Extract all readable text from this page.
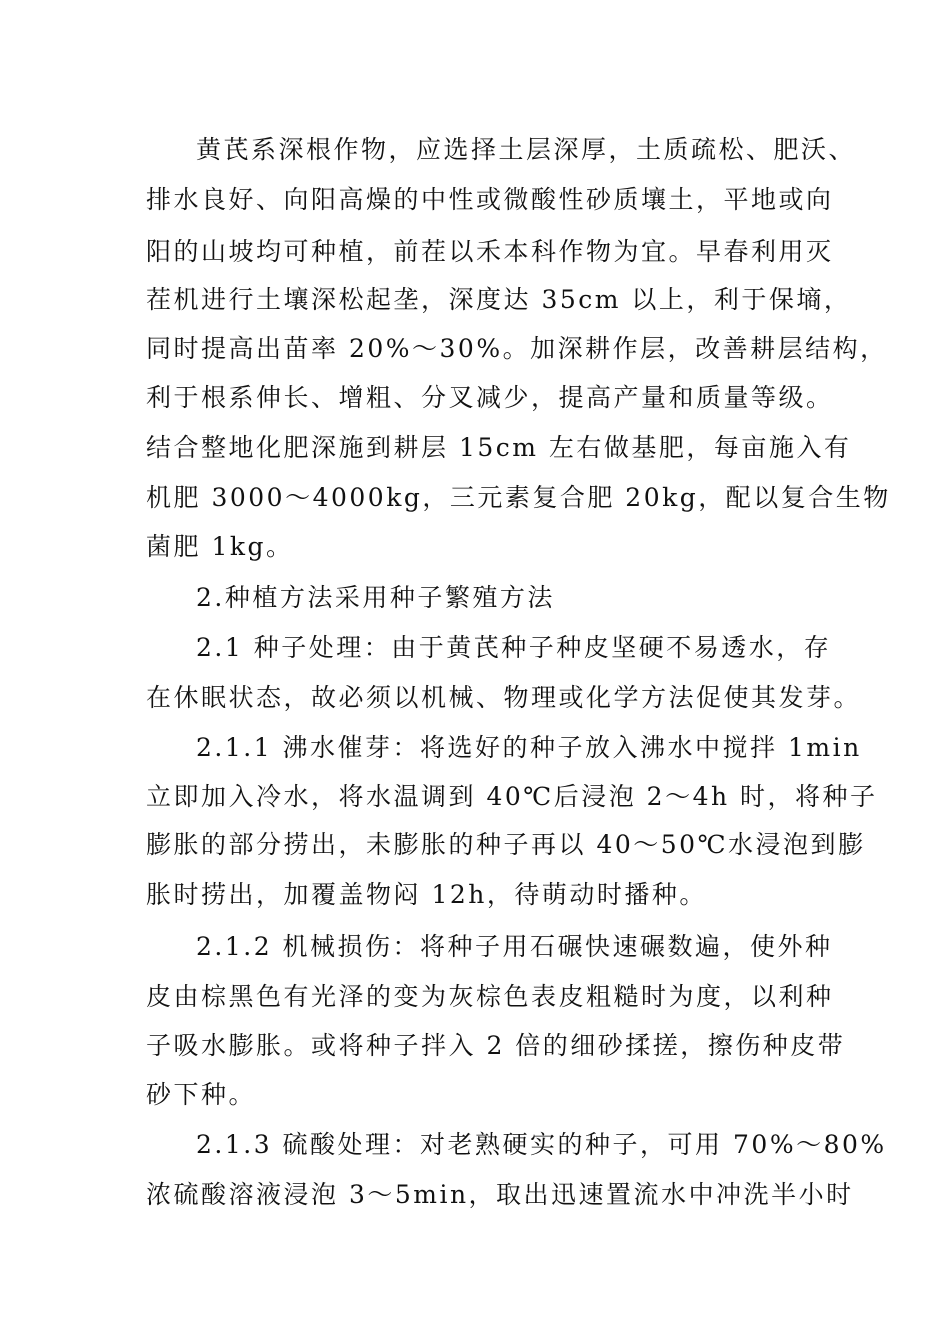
黄芪系深根作物，应选择土层深厚，土质疏松、肥沃、
排水良好、向阳高燥的中性或微酸性砂质壤土，平地或向
阳的山坡均可种植，前茬以禾本科作物为宜。早春利用灭
茬机进行土壤深松起垄，深度达 35cm 以上，利于保墒，
同时提高出苗率 20%～30%。加深耕作层，改善耕层结构，
利于根系伸长、增粗、分叉减少，提高产量和质量等级。
结合整地化肥深施到耕层 15cm 左右做基肥，每亩施入有
机肥 3000～4000kg，三元素复合肥 20kg，配以复合生物
菌肥 1kg。
2.种植方法采用种子繁殖方法
2.1 种子处理：由于黄芪种子种皮坚硬不易透水，存
在休眠状态，故必须以机械、物理或化学方法促使其发芽。
2.1.1 沸水催芽：将选好的种子放入沸水中搅拌 1min
立即加入冷水，将水温调到 40℃后浸泡 2～4h 时，将种子
膨胀的部分捞出，未膨胀的种子再以 40～50℃水浸泡到膨
胀时捞出，加覆盖物闷 12h，待萌动时播种。
2.1.2 机械损伤：将种子用石碾快速碾数遍，使外种
皮由棕黑色有光泽的变为灰棕色表皮粗糙时为度，以利种
子吸水膨胀。或将种子拌入 2 倍的细砂揉搓，擦伤种皮带
砂下种。
2.1.3 硫酸处理：对老熟硬实的种子，可用 70%～80%
浓硫酸溶液浸泡 3～5min，取出迅速置流水中冲洗半小时
